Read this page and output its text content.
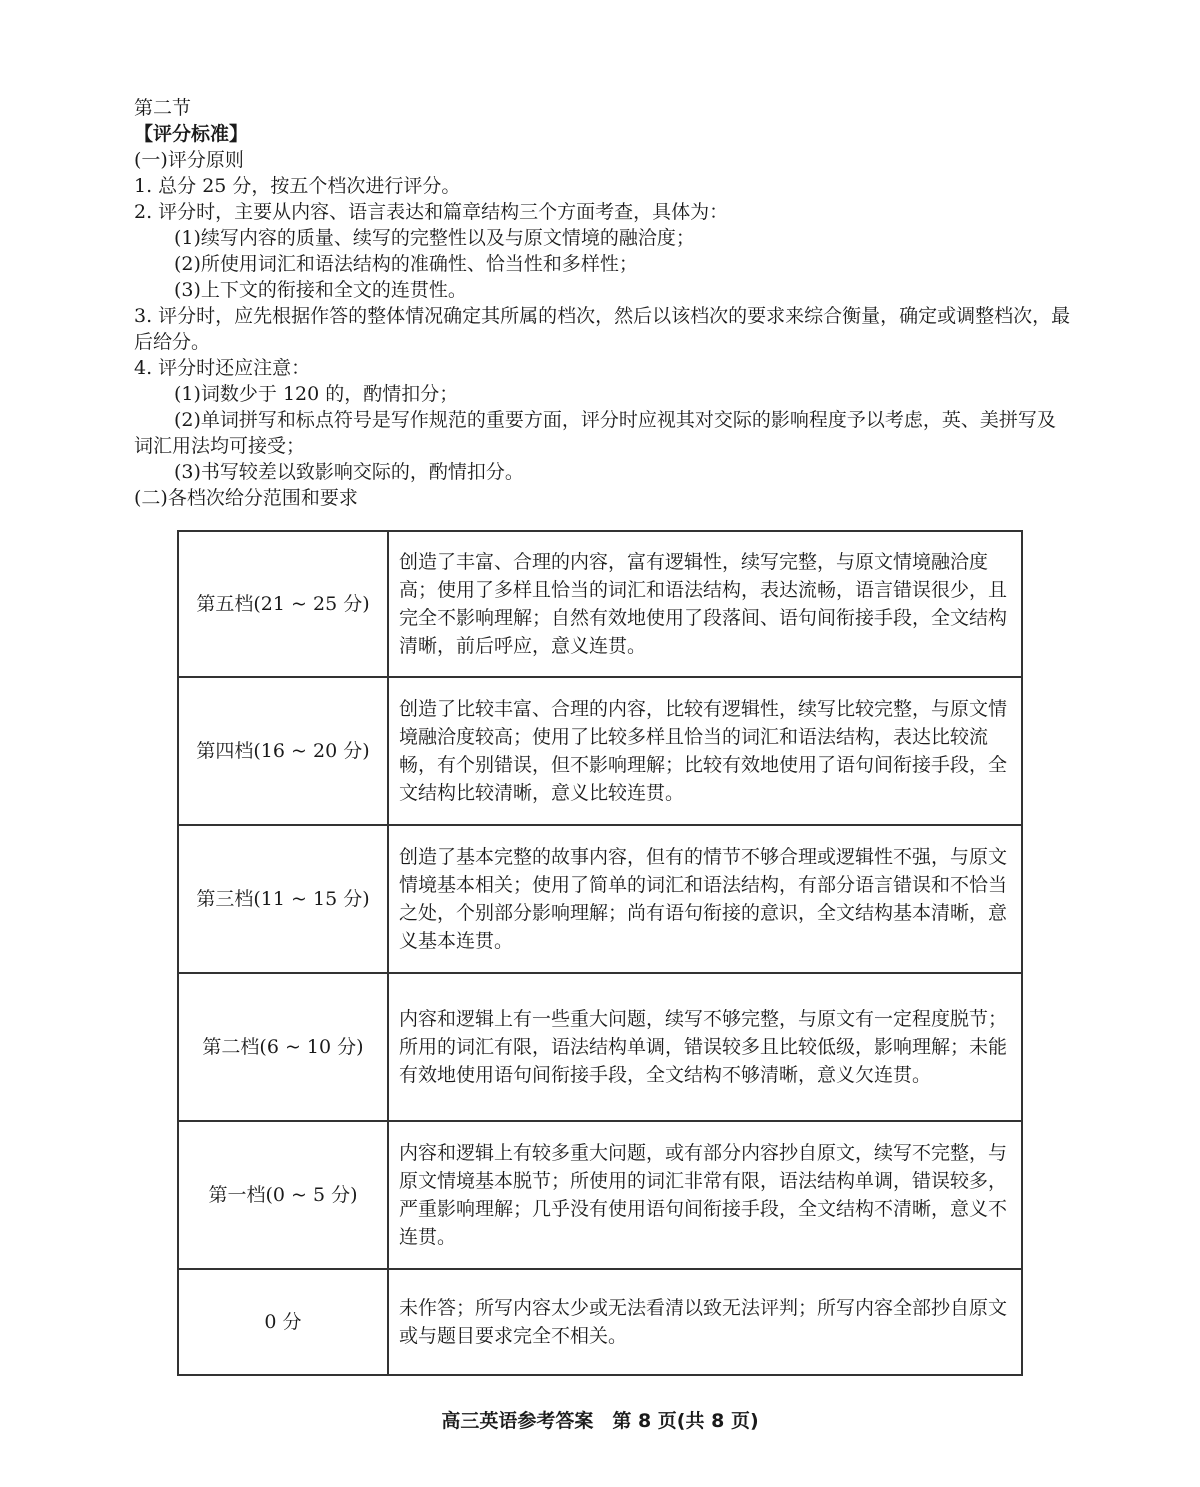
第二节
【评分标准】
(一)评分原则
1. 总分 25 分，按五个档次进行评分。
2. 评分时，主要从内容、语言表达和篇章结构三个方面考查，具体为：
(1)续写内容的质量、续写的完整性以及与原文情境的融洽度；
(2)所使用词汇和语法结构的准确性、恰当性和多样性；
(3)上下文的衔接和全文的连贯性。
3. 评分时，应先根据作答的整体情况确定其所属的档次，然后以该档次的要求来综合衡量，确定或调整档次，最后给分。
4. 评分时还应注意：
(1)词数少于 120 的，酌情扣分；
(2)单词拼写和标点符号是写作规范的重要方面，评分时应视其对交际的影响程度予以考虑，英、美拼写及词汇用法均可接受；
(3)书写较差以致影响交际的，酌情扣分。
(二)各档次给分范围和要求
第五档(21 ~ 25 分)	创造了丰富、合理的内容，富有逻辑性，续写完整，与原文情境融洽度高；使用了多样且恰当的词汇和语法结构，表达流畅，语言错误很少，且完全不影响理解；自然有效地使用了段落间、语句间衔接手段，全文结构清晰，前后呼应，意义连贯。
第四档(16 ~ 20 分)	创造了比较丰富、合理的内容，比较有逻辑性，续写比较完整，与原文情境融洽度较高；使用了比较多样且恰当的词汇和语法结构，表达比较流畅，有个别错误，但不影响理解；比较有效地使用了语句间衔接手段，全文结构比较清晰，意义比较连贯。
第三档(11 ~ 15 分)	创造了基本完整的故事内容，但有的情节不够合理或逻辑性不强，与原文情境基本相关；使用了简单的词汇和语法结构，有部分语言错误和不恰当之处，个别部分影响理解；尚有语句衔接的意识，全文结构基本清晰，意义基本连贯。
第二档(6 ~ 10 分)	内容和逻辑上有一些重大问题，续写不够完整，与原文有一定程度脱节；所用的词汇有限，语法结构单调，错误较多且比较低级，影响理解；未能有效地使用语句间衔接手段，全文结构不够清晰，意义欠连贯。
第一档(0 ~ 5 分)	内容和逻辑上有较多重大问题，或有部分内容抄自原文，续写不完整，与原文情境基本脱节；所使用的词汇非常有限，语法结构单调，错误较多，严重影响理解；几乎没有使用语句间衔接手段，全文结构不清晰，意义不连贯。
0 分	未作答；所写内容太少或无法看清以致无法评判；所写内容全部抄自原文或与题目要求完全不相关。
高三英语参考答案　第 8 页(共 8 页)
